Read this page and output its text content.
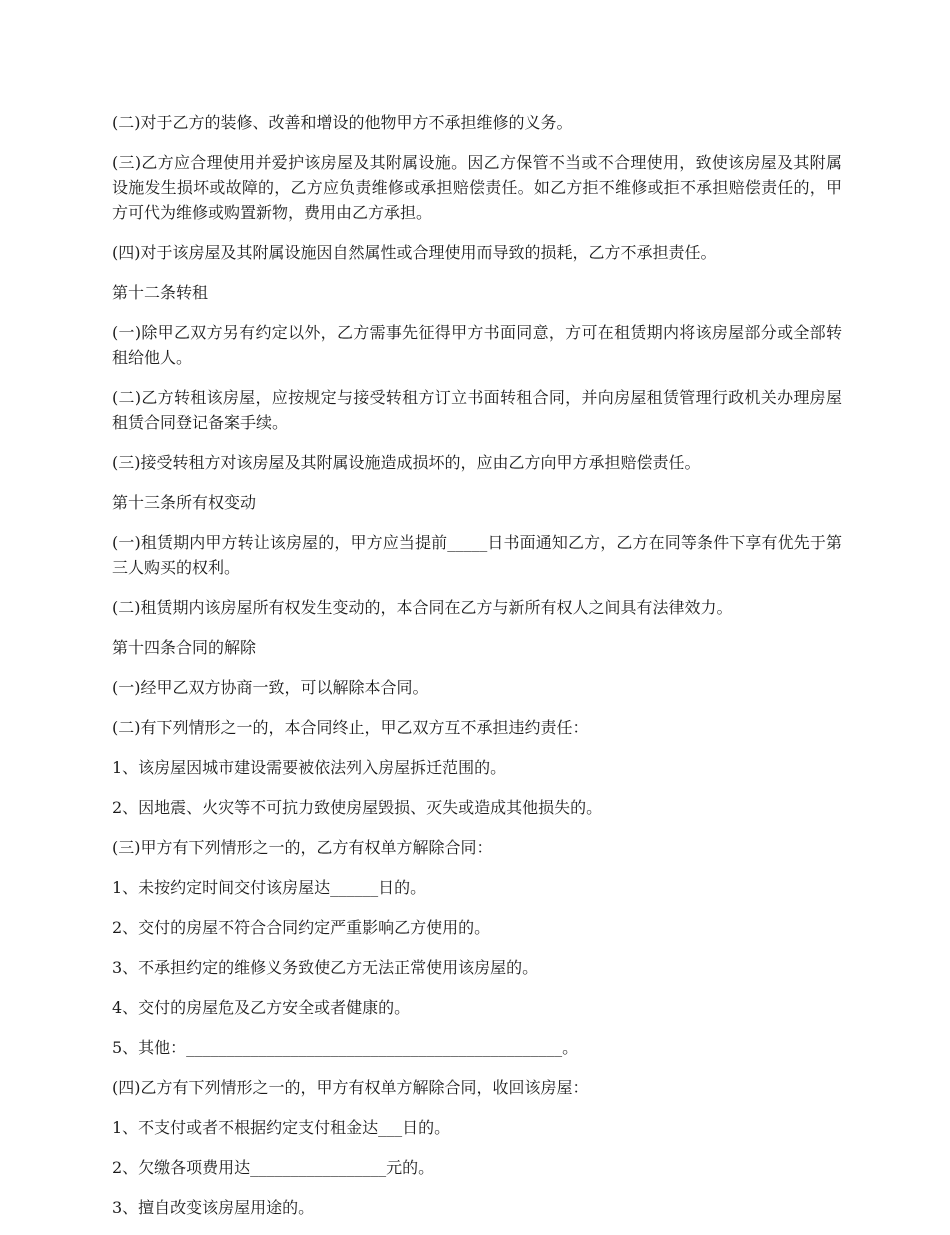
(二)对于乙方的装修、改善和增设的他物甲方不承担维修的义务。

(三)乙方应合理使用并爱护该房屋及其附属设施。因乙方保管不当或不合理使用，致使该房屋及其附属设施发生损坏或故障的，乙方应负责维修或承担赔偿责任。如乙方拒不维修或拒不承担赔偿责任的，甲方可代为维修或购置新物，费用由乙方承担。

(四)对于该房屋及其附属设施因自然属性或合理使用而导致的损耗，乙方不承担责任。

第十二条转租

(一)除甲乙双方另有约定以外，乙方需事先征得甲方书面同意，方可在租赁期内将该房屋部分或全部转租给他人。

(二)乙方转租该房屋，应按规定与接受转租方订立书面转租合同，并向房屋租赁管理行政机关办理房屋租赁合同登记备案手续。

(三)接受转租方对该房屋及其附属设施造成损坏的，应由乙方向甲方承担赔偿责任。

第十三条所有权变动

(一)租赁期内甲方转让该房屋的，甲方应当提前_____日书面通知乙方，乙方在同等条件下享有优先于第三人购买的权利。

(二)租赁期内该房屋所有权发生变动的，本合同在乙方与新所有权人之间具有法律效力。

第十四条合同的解除

(一)经甲乙双方协商一致，可以解除本合同。

(二)有下列情形之一的，本合同终止，甲乙双方互不承担违约责任：

1、该房屋因城市建设需要被依法列入房屋拆迁范围的。

2、因地震、火灾等不可抗力致使房屋毁损、灭失或造成其他损失的。

(三)甲方有下列情形之一的，乙方有权单方解除合同：

1、未按约定时间交付该房屋达______日的。

2、交付的房屋不符合合同约定严重影响乙方使用的。

3、不承担约定的维修义务致使乙方无法正常使用该房屋的。

4、交付的房屋危及乙方安全或者健康的。

5、其他：_______________________________________________。

(四)乙方有下列情形之一的，甲方有权单方解除合同，收回该房屋：

1、不支付或者不根据约定支付租金达___日的。

2、欠缴各项费用达_________________元的。

3、擅自改变该房屋用途的。
